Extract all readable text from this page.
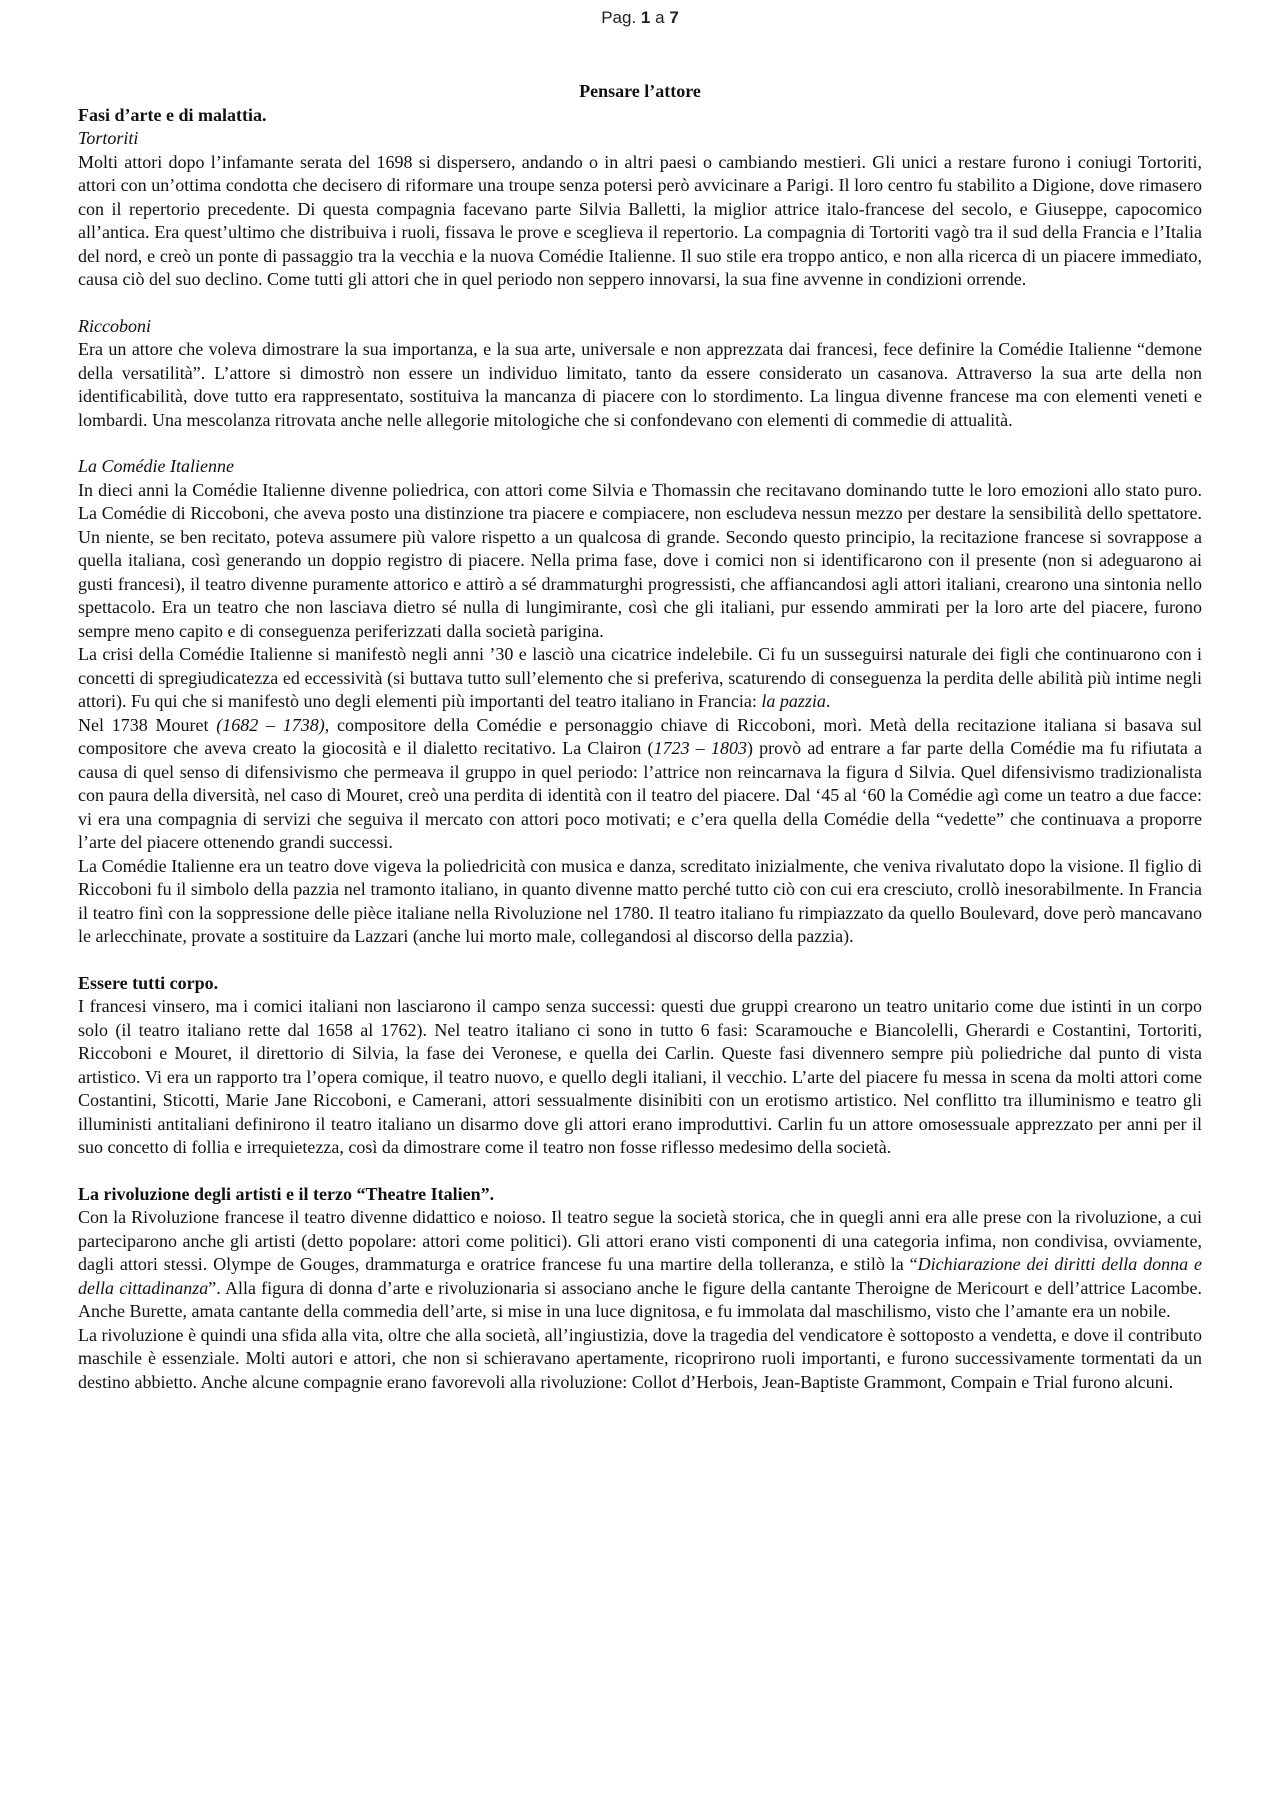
Pag. 1 a 7
Pensare l’attore

Fasi d’arte e di malattia.

Tortoriti

Molti attori dopo l’infamante serata del 1698 si dispersero, andando o in altri paesi o cambiando mestieri. Gli unici a restare furono i coniugi Tortoriti, attori con un’ottima condotta che decisero di riformare una troupe senza potersi però avvicinare a Parigi. Il loro centro fu stabilito a Digione, dove rimasero con il repertorio precedente. Di questa compagnia facevano parte Silvia Balletti, la miglior attrice italo-francese del secolo, e Giuseppe, capocomico all’antica. Era quest’ultimo che distribuiva i ruoli, fissava le prove e sceglieva il repertorio. La compagnia di Tortoriti vagò tra il sud della Francia e l’Italia del nord, e creò un ponte di passaggio tra la vecchia e la nuova Comédie Italienne. Il suo stile era troppo antico, e non alla ricerca di un piacere immediato, causa ciò del suo declino. Come tutti gli attori che in quel periodo non seppero innovarsi, la sua fine avvenne in condizioni orrende.

Riccoboni

Era un attore che voleva dimostrare la sua importanza, e la sua arte, universale e non apprezzata dai francesi, fece definire la Comédie Italienne “demone della versatilità”. L’attore si dimostrò non essere un individuo limitato, tanto da essere considerato un casanova. Attraverso la sua arte della non identificabilità, dove tutto era rappresentato, sostituiva la mancanza di piacere con lo stordimento. La lingua divenne francese ma con elementi veneti e lombardi. Una mescolanza ritrovata anche nelle allegorie mitologiche che si confondevano con elementi di commedie di attualità.

La Comédie Italienne

In dieci anni la Comédie Italienne divenne poliedrica, con attori come Silvia e Thomassin che recitavano dominando tutte le loro emozioni allo stato puro. La Comédie di Riccoboni, che aveva posto una distinzione tra piacere e compiacere, non escludeva nessun mezzo per destare la sensibilità dello spettatore. Un niente, se ben recitato, poteva assumere più valore rispetto a un qualcosa di grande. Secondo questo principio, la recitazione francese si sovrappose a quella italiana, così generando un doppio registro di piacere. Nella prima fase, dove i comici non si identificarono con il presente (non si adeguarono ai gusti francesi), il teatro divenne puramente attorico e attirò a sé drammaturghi progressisti, che affiancandosi agli attori italiani, crearono una sintonia nello spettacolo. Era un teatro che non lasciava dietro sé nulla di lungimirante, così che gli italiani, pur essendo ammirati per la loro arte del piacere, furono sempre meno capito e di conseguenza periferizzati dalla società parigina.

La crisi della Comédie Italienne si manifestò negli anni ’30 e lasciò una cicatrice indelebile. Ci fu un susseguirsi naturale dei figli che continuarono con i concetti di spregiudicatezza ed eccessività (si buttava tutto sull’elemento che si preferiva, scaturendo di conseguenza la perdita delle abilità più intime negli attori). Fu qui che si manifestò uno degli elementi più importanti del teatro italiano in Francia: la pazzia.

Nel 1738 Mouret (1682 – 1738), compositore della Comédie e personaggio chiave di Riccoboni, morì. Metà della recitazione italiana si basava sul compositore che aveva creato la giocosità e il dialetto recitativo. La Clairon (1723 – 1803) provò ad entrare a far parte della Comédie ma fu rifiutata a causa di quel senso di difensivismo che permeava il gruppo in quel periodo: l’attrice non reincarnava la figura d Silvia. Quel difensivismo tradizionalista con paura della diversità, nel caso di Mouret, creò una perdita di identità con il teatro del piacere. Dal ‘45 al ‘60 la Comédie agì come un teatro a due facce: vi era una compagnia di servizi che seguiva il mercato con attori poco motivati; e c’era quella della Comédie della “vedette” che continuava a proporre l’arte del piacere ottenendo grandi successi.

La Comédie Italienne era un teatro dove vigeva la poliedricità con musica e danza, screditato inizialmente, che veniva rivalutato dopo la visione. Il figlio di Riccoboni fu il simbolo della pazzia nel tramonto italiano, in quanto divenne matto perché tutto ciò con cui era cresciuto, crollò inesorabilmente. In Francia il teatro finì con la soppressione delle pièce italiane nella Rivoluzione nel 1780. Il teatro italiano fu rimpiazzato da quello Boulevard, dove però mancavano le arlecchinate, provate a sostituire da Lazzari (anche lui morto male, collegandosi al discorso della pazzia).

Essere tutti corpo.

I francesi vinsero, ma i comici italiani non lasciarono il campo senza successi: questi due gruppi crearono un teatro unitario come due istinti in un corpo solo (il teatro italiano rette dal 1658 al 1762). Nel teatro italiano ci sono in tutto 6 fasi: Scaramouche e Biancolelli, Gherardi e Costantini, Tortoriti, Riccoboni e Mouret, il direttorio di Silvia, la fase dei Veronese, e quella dei Carlin. Queste fasi divennero sempre più poliedriche dal punto di vista artistico. Vi era un rapporto tra l’opera comique, il teatro nuovo, e quello degli italiani, il vecchio. L’arte del piacere fu messa in scena da molti attori come Costantini, Sticotti, Marie Jane Riccoboni, e Camerani, attori sessualmente disinibiti con un erotismo artistico. Nel conflitto tra illuminismo e teatro gli illuministi antitaliani definirono il teatro italiano un disarmo dove gli attori erano improduttivi. Carlin fu un attore omosessuale apprezzato per anni per il suo concetto di follia e irrequietezza, così da dimostrare come il teatro non fosse riflesso medesimo della società.

La rivoluzione degli artisti e il terzo “Theatre Italien”.

Con la Rivoluzione francese il teatro divenne didattico e noioso. Il teatro segue la società storica, che in quegli anni era alle prese con la rivoluzione, a cui parteciparono anche gli artisti (detto popolare: attori come politici). Gli attori erano visti componenti di una categoria infima, non condivisa, ovviamente, dagli attori stessi. Olympe de Gouges, drammaturga e oratrice francese fu una martire della tolleranza, e stilò la “Dichiarazione dei diritti della donna e della cittadinanza”. Alla figura di donna d’arte e rivoluzionaria si associano anche le figure della cantante Theroigne de Mericourt e dell’attrice Lacombe. Anche Burette, amata cantante della commedia dell’arte, si mise in una luce dignitosa, e fu immolata dal maschilismo, visto che l’amante era un nobile.

La rivoluzione è quindi una sfida alla vita, oltre che alla società, all’ingiustizia, dove la tragedia del vendicatore è sottoposto a vendetta, e dove il contributo maschile è essenziale. Molti autori e attori, che non si schieravano apertamente, ricoprirono ruoli importanti, e furono successivamente tormentati da un destino abbietto. Anche alcune compagnie erano favorevoli alla rivoluzione: Collot d’Herbois, Jean-Baptiste Grammont, Compain e Trial furono alcuni.
